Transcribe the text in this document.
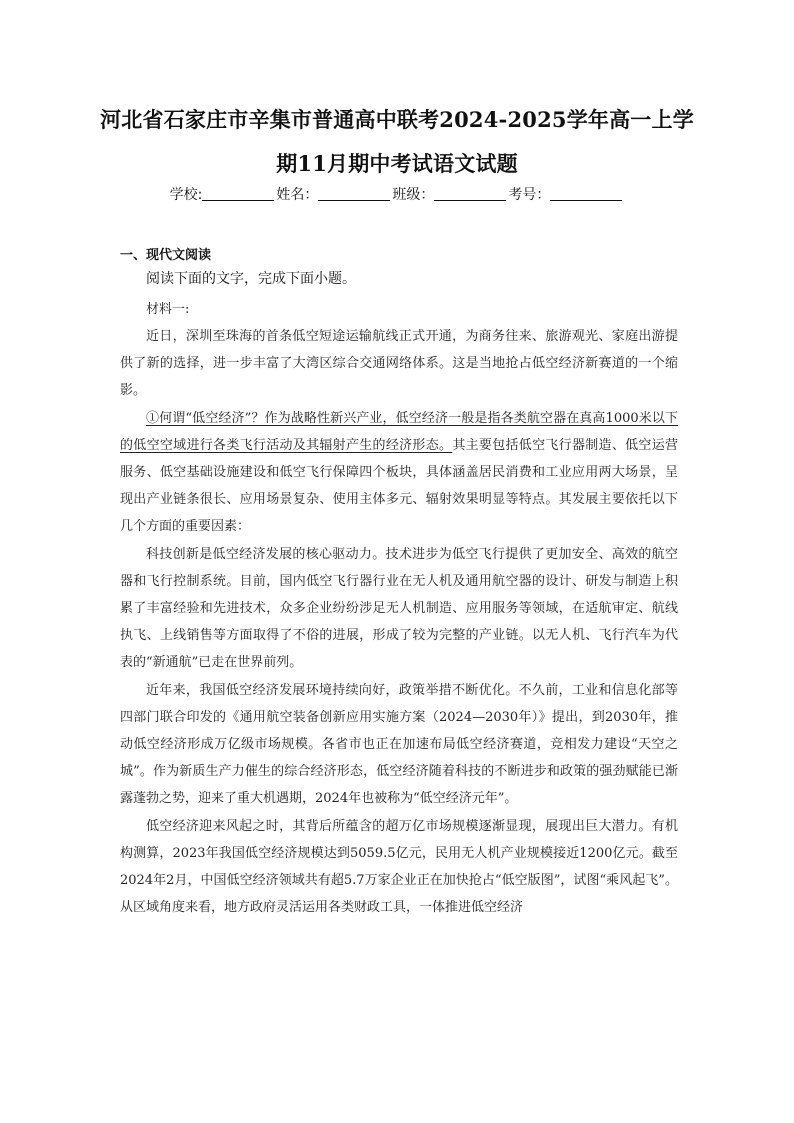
河北省石家庄市辛集市普通高中联考2024-2025学年高一上学
期11月期中考试语文试题
学校:	姓名：	班级：	考号：
一、现代文阅读
阅读下面的文字，完成下面小题。
材料一:

近日，深圳至珠海的首条低空短途运输航线正式开通，为商务往来、旅游观光、家庭出游提供了新的选择，进一步丰富了大湾区综合交通网络体系。这是当地抢占低空经济新赛道的一个缩影。

①何谓“低空经济”？作为战略性新兴产业，低空经济一般是指各类航空器在真高1000米以下的低空空域进行各类飞行活动及其辐射产生的经济形态。其主要包括低空飞行器制造、低空运营服务、低空基础设施建设和低空飞行保障四个板块，具体涵盖居民消费和工业应用两大场景，呈现出产业链条很长、应用场景复杂、使用主体多元、辐射效果明显等特点。其发展主要依托以下几个方面的重要因素：

科技创新是低空经济发展的核心驱动力。技术进步为低空飞行提供了更加安全、高效的航空器和飞行控制系统。目前，国内低空飞行器行业在无人机及通用航空器的设计、研发与制造上积累了丰富经验和先进技术，众多企业纷纷涉足无人机制造、应用服务等领域，在适航审定、航线执飞、上线销售等方面取得了不俗的进展，形成了较为完整的产业链。以无人机、飞行汽车为代表的“新通航”已走在世界前列。

近年来，我国低空经济发展环境持续向好，政策举措不断优化。不久前，工业和信息化部等四部门联合印发的《通用航空装备创新应用实施方案（2024—2030年）》提出，到2030年，推动低空经济形成万亿级市场规模。各省市也正在加速布局低空经济赛道，竞相发力建设“天空之城”。作为新质生产力催生的综合经济形态，低空经济随着科技的不断进步和政策的强劲赋能已渐露蓬勃之势，迎来了重大机遇期，2024年也被称为“低空经济元年”。

低空经济迎来风起之时，其背后所蕴含的超万亿市场规模逐渐显现，展现出巨大潜力。有机构测算，2023年我国低空经济规模达到5059.5亿元，民用无人机产业规模接近1200亿元。截至2024年2月，中国低空经济领域共有超5.7万家企业正在加快抢占“低空版图”，试图“乘风起飞”。从区域角度来看，地方政府灵活运用各类财政工具，一体推进低空经济
